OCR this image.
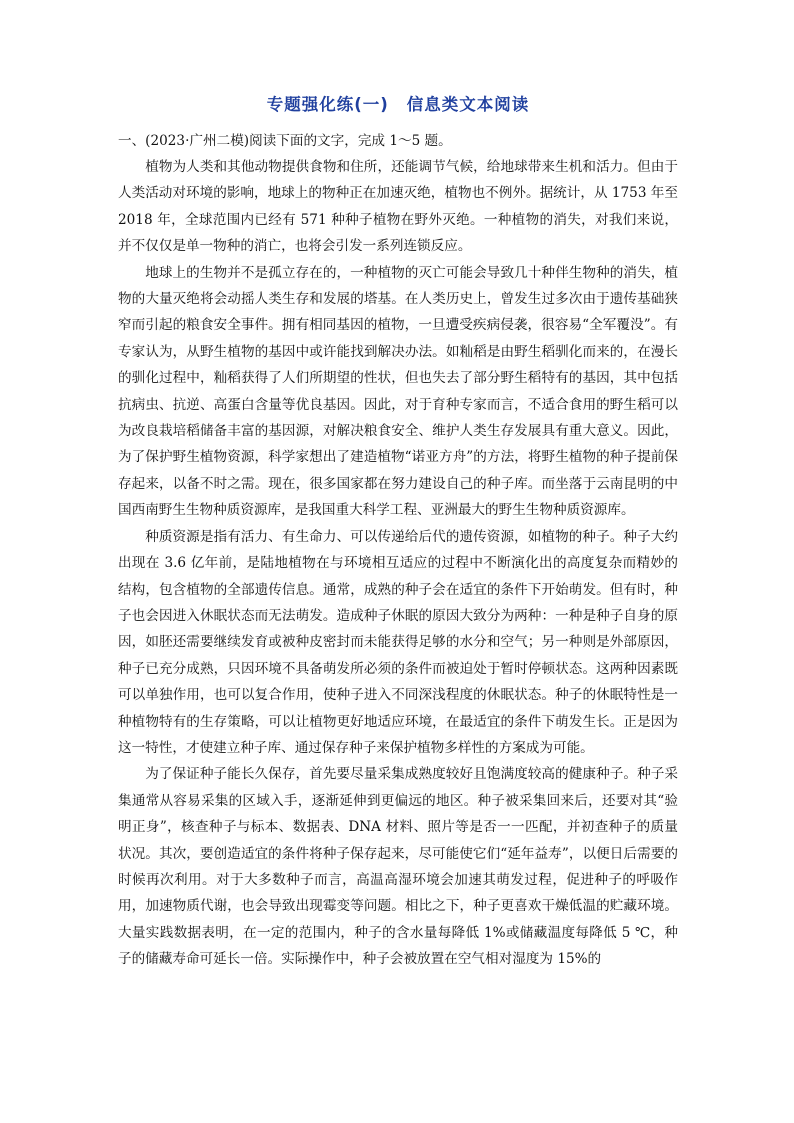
专题强化练(一) 信息类文本阅读

一、(2023·广州二模)阅读下面的文字，完成 1～5 题。

植物为人类和其他动物提供食物和住所，还能调节气候，给地球带来生机和活力。但由于人类活动对环境的影响，地球上的物种正在加速灭绝，植物也不例外。据统计，从 1753 年至 2018 年，全球范围内已经有 571 种种子植物在野外灭绝。一种植物的消失，对我们来说，并不仅仅是单一物种的消亡，也将会引发一系列连锁反应。

地球上的生物并不是孤立存在的，一种植物的灭亡可能会导致几十种伴生物种的消失，植物的大量灭绝将会动摇人类生存和发展的塔基。在人类历史上，曾发生过多次由于遗传基础狭窄而引起的粮食安全事件。拥有相同基因的植物，一旦遭受疾病侵袭，很容易“全军覆没”。有专家认为，从野生植物的基因中或许能找到解决办法。如籼稻是由野生稻驯化而来的，在漫长的驯化过程中，籼稻获得了人们所期望的性状，但也失去了部分野生稻特有的基因，其中包括抗病虫、抗逆、高蛋白含量等优良基因。因此，对于育种专家而言，不适合食用的野生稻可以为改良栽培稻储备丰富的基因源，对解决粮食安全、维护人类生存发展具有重大意义。因此，为了保护野生植物资源，科学家想出了建造植物“诺亚方舟”的方法，将野生植物的种子提前保存起来，以备不时之需。现在，很多国家都在努力建设自己的种子库。而坐落于云南昆明的中国西南野生生物种质资源库，是我国重大科学工程、亚洲最大的野生生物种质资源库。

种质资源是指有活力、有生命力、可以传递给后代的遗传资源，如植物的种子。种子大约出现在 3.6 亿年前，是陆地植物在与环境相互适应的过程中不断演化出的高度复杂而精妙的结构，包含植物的全部遗传信息。通常，成熟的种子会在适宜的条件下开始萌发。但有时，种子也会因进入休眠状态而无法萌发。造成种子休眠的原因大致分为两种：一种是种子自身的原因，如胚还需要继续发育或被种皮密封而未能获得足够的水分和空气；另一种则是外部原因，种子已充分成熟，只因环境不具备萌发所必须的条件而被迫处于暂时停顿状态。这两种因素既可以单独作用，也可以复合作用，使种子进入不同深浅程度的休眠状态。种子的休眠特性是一种植物特有的生存策略，可以让植物更好地适应环境，在最适宜的条件下萌发生长。正是因为这一特性，才使建立种子库、通过保存种子来保护植物多样性的方案成为可能。

为了保证种子能长久保存，首先要尽量采集成熟度较好且饱满度较高的健康种子。种子采集通常从容易采集的区域入手，逐渐延伸到更偏远的地区。种子被采集回来后，还要对其“验明正身”，核查种子与标本、数据表、DNA 材料、照片等是否一一匹配，并初查种子的质量状况。其次，要创造适宜的条件将种子保存起来，尽可能使它们“延年益寿”，以便日后需要的时候再次利用。对于大多数种子而言，高温高湿环境会加速其萌发过程，促进种子的呼吸作用，加速物质代谢，也会导致出现霉变等问题。相比之下，种子更喜欢干燥低温的贮藏环境。大量实践数据表明，在一定的范围内，种子的含水量每降低 1%或储藏温度每降低 5 ℃，种子的储藏寿命可延长一倍。实际操作中，种子会被放置在空气相对湿度为 15%的
